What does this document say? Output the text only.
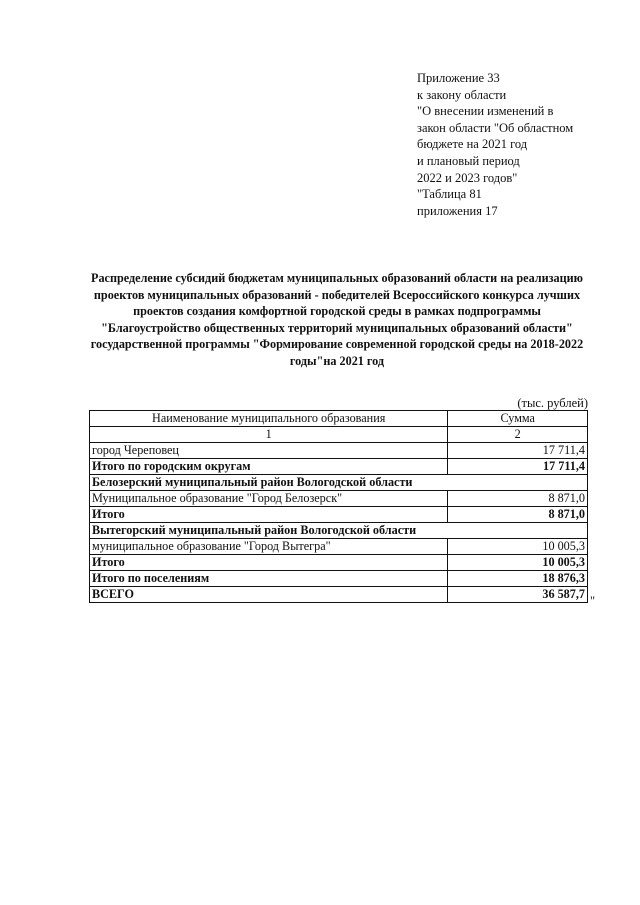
Приложение 33
к закону области
"О внесении изменений в
закон области "Об областном
бюджете на 2021 год
и плановый период
2022 и 2023 годов"
"Таблица 81
приложения 17
Распределение субсидий бюджетам муниципальных образований области на реализацию проектов муниципальных образований - победителей Всероссийского конкурса лучших проектов создания комфортной городской среды в рамках подпрограммы "Благоустройство общественных территорий муниципальных образований области" государственной программы "Формирование современной городской среды на 2018-2022 годы"на 2021 год
(тыс. рублей)
Наименование муниципального образования	Сумма
1	2
город Череповец	17 711,4
Итого по городским округам	17 711,4
Белозерский муниципальный район Вологодской области	
Муниципальное образование "Город Белозерск"	8 871,0
Итого	8 871,0
Вытегорский муниципальный район Вологодской области	
муниципальное образование "Город Вытегра"	10 005,3
Итого	10 005,3
Итого по поселениям	18 876,3
ВСЕГО	36 587,7 "
